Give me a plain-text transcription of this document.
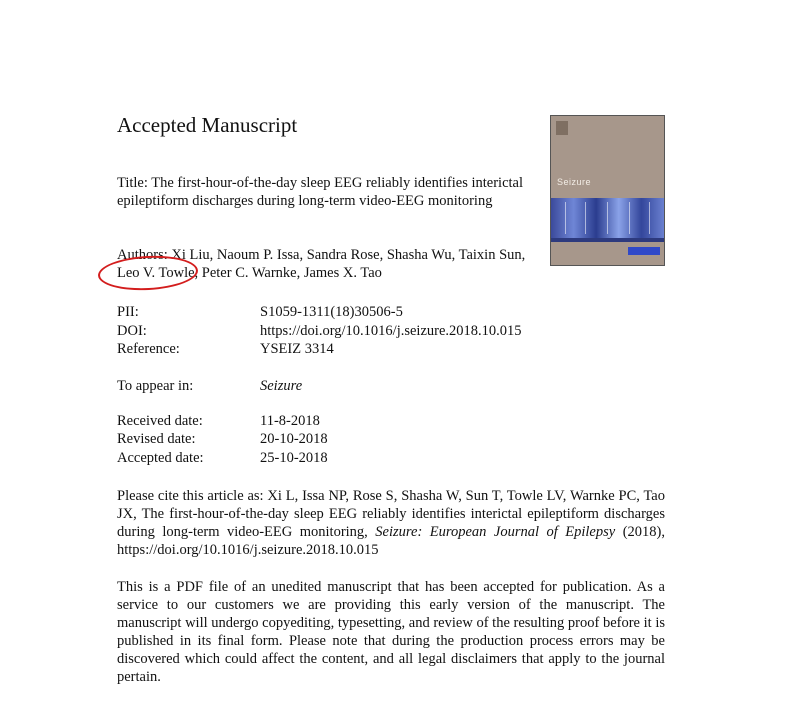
Accepted Manuscript
Seizure
Title: The first-hour-of-the-day sleep EEG reliably identifies interictal epileptiform discharges during long-term video-EEG monitoring
Authors: Xi Liu, Naoum P. Issa, Sandra Rose, Shasha Wu, Taixin Sun, Leo V. Towle, Peter C. Warnke, James X. Tao
PII:	S1059-1311(18)30506-5
DOI:	https://doi.org/10.1016/j.seizure.2018.10.015
Reference:	YSEIZ 3314
To appear in:	Seizure
Received date:	11-8-2018
Revised date:	20-10-2018
Accepted date:	25-10-2018
Please cite this article as: Xi L, Issa NP, Rose S, Shasha W, Sun T, Towle LV, Warnke PC, Tao JX, The first-hour-of-the-day sleep EEG reliably identifies interictal epileptiform discharges during long-term video-EEG monitoring, Seizure: European Journal of Epilepsy (2018), https://doi.org/10.1016/j.seizure.2018.10.015
This is a PDF file of an unedited manuscript that has been accepted for publication. As a service to our customers we are providing this early version of the manuscript. The manuscript will undergo copyediting, typesetting, and review of the resulting proof before it is published in its final form. Please note that during the production process errors may be discovered which could affect the content, and all legal disclaimers that apply to the journal pertain.
